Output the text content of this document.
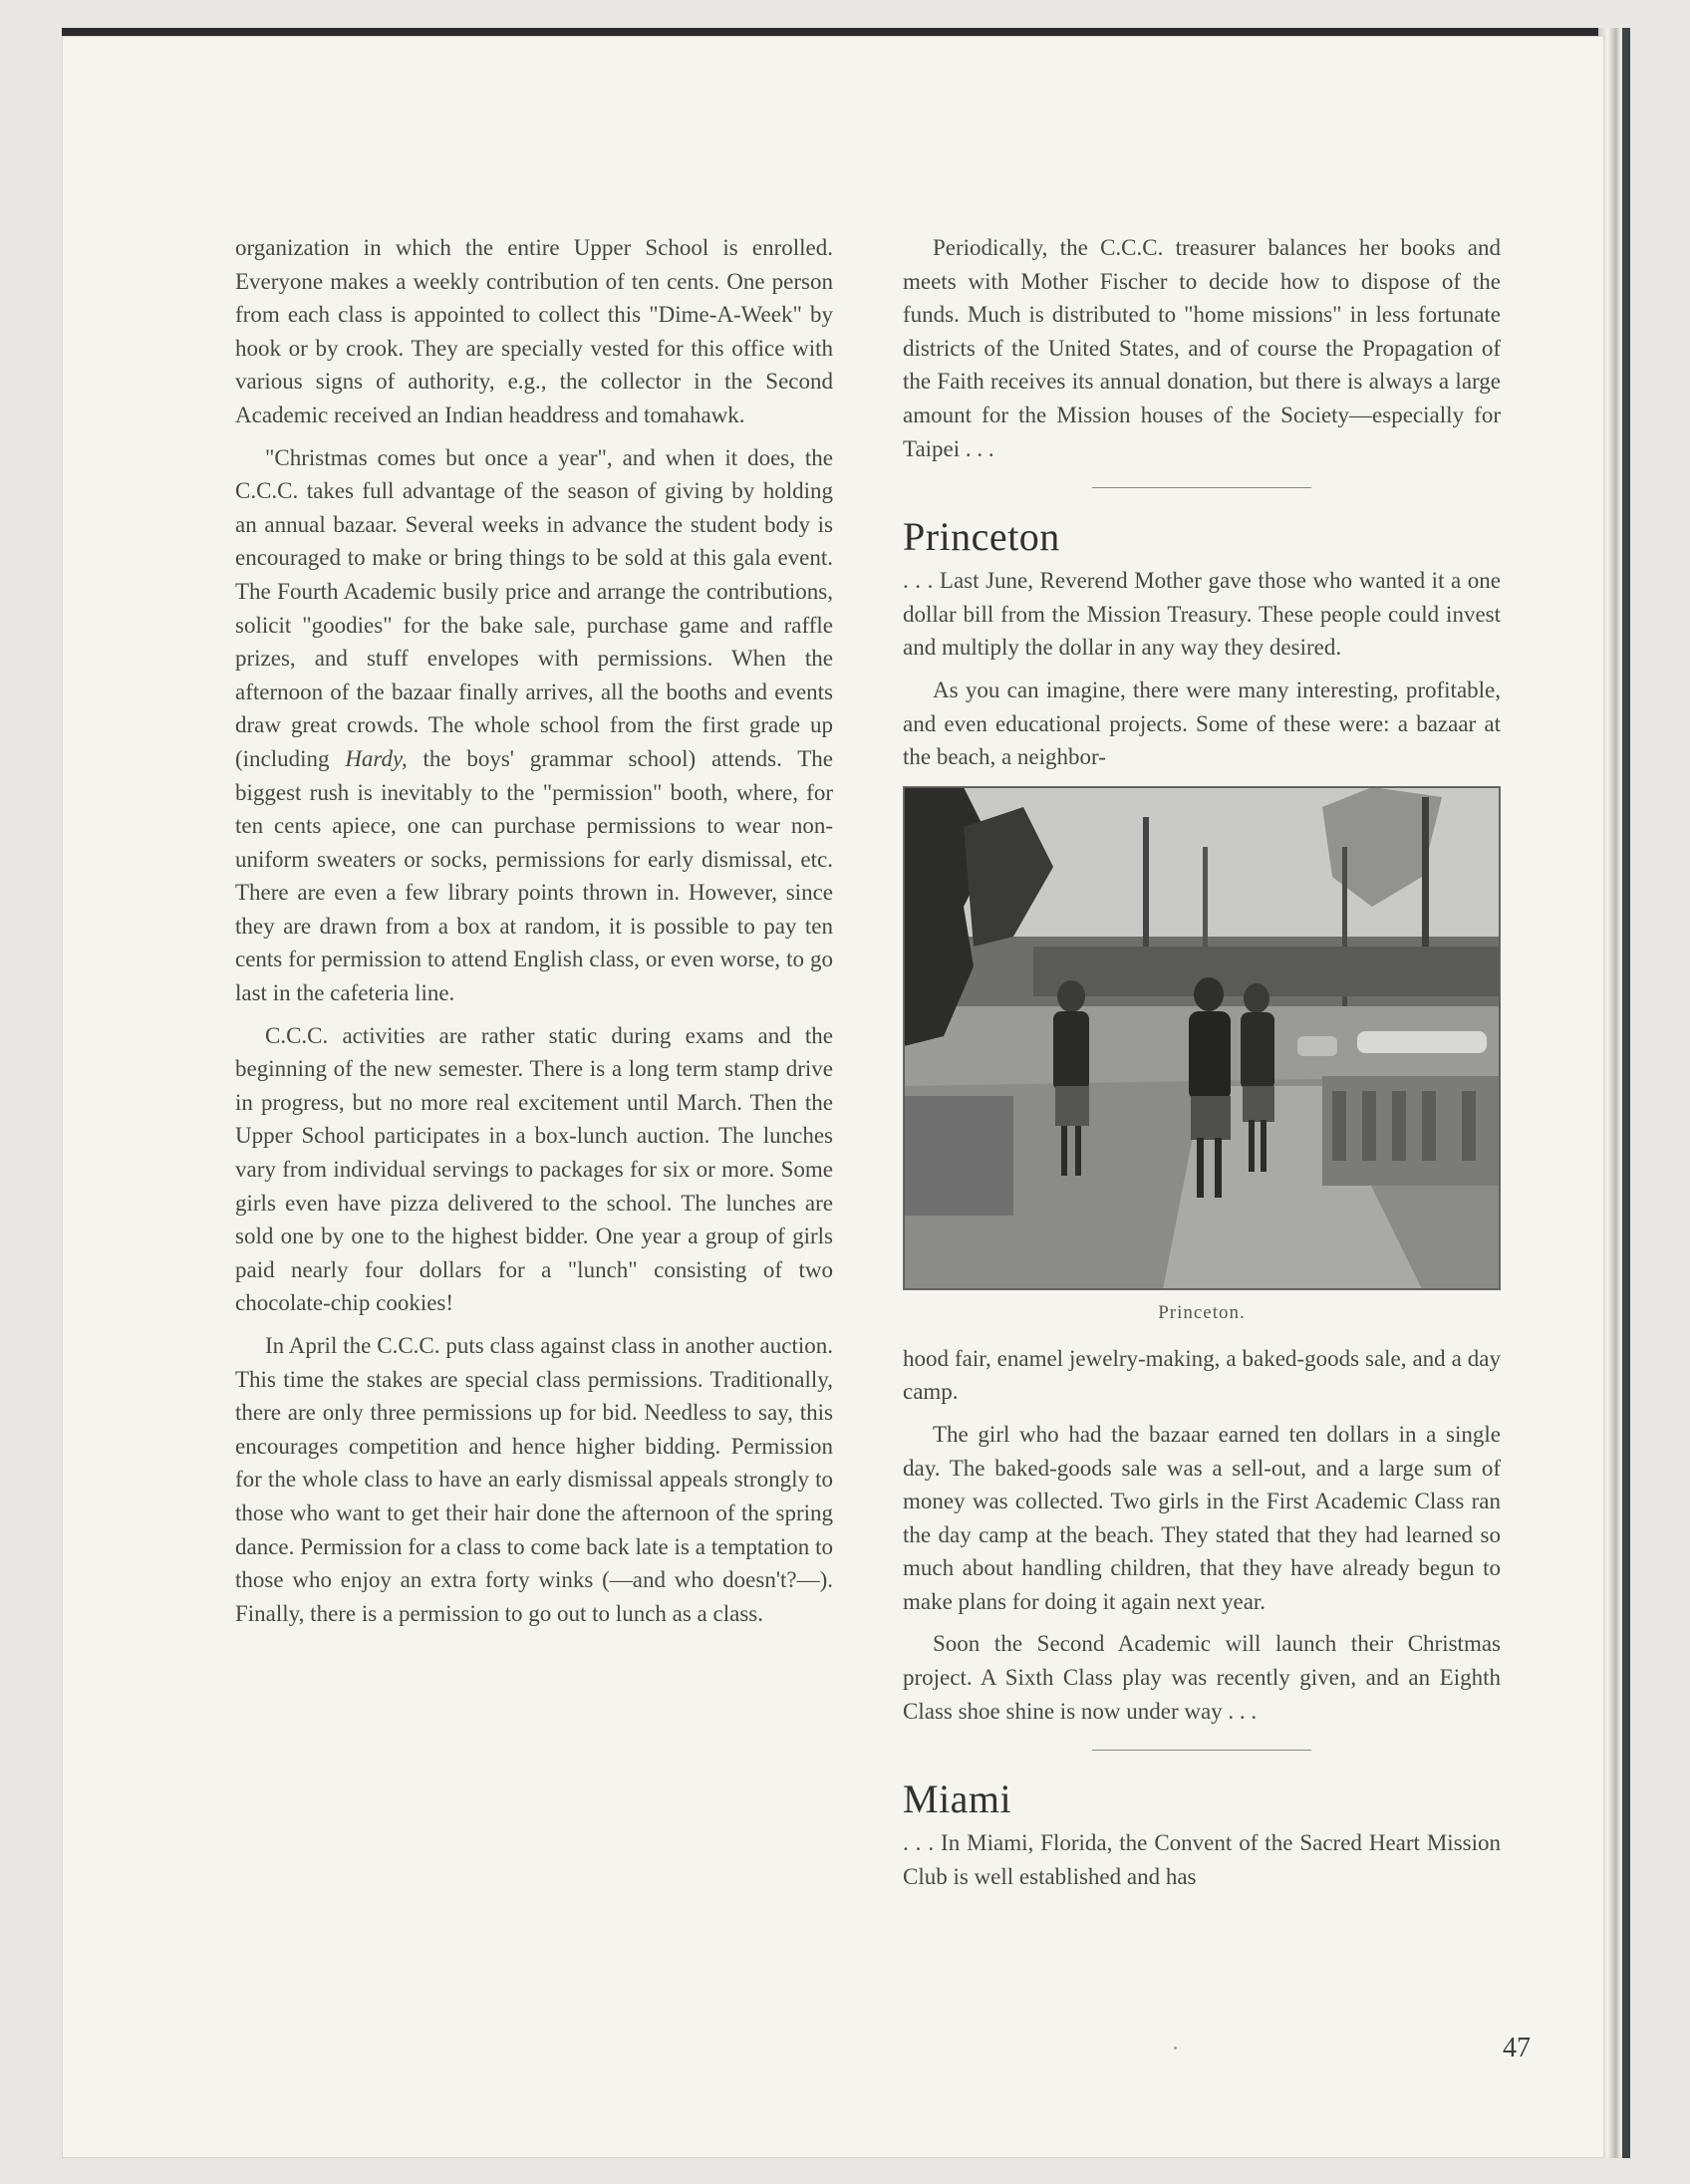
organization in which the entire Upper School is enrolled. Everyone makes a weekly contribution of ten cents. One person from each class is appointed to collect this "Dime-A-Week" by hook or by crook. They are specially vested for this office with various signs of authority, e.g., the collector in the Second Academic received an Indian headdress and tomahawk.

"Christmas comes but once a year", and when it does, the C.C.C. takes full advantage of the season of giving by holding an annual bazaar. Several weeks in advance the student body is encouraged to make or bring things to be sold at this gala event. The Fourth Academic busily price and arrange the contributions, solicit "goodies" for the bake sale, purchase game and raffle prizes, and stuff envelopes with permissions. When the afternoon of the bazaar finally arrives, all the booths and events draw great crowds. The whole school from the first grade up (including Hardy, the boys' grammar school) attends. The biggest rush is inevitably to the "permission" booth, where, for ten cents apiece, one can purchase permissions to wear non-uniform sweaters or socks, permissions for early dismissal, etc. There are even a few library points thrown in. However, since they are drawn from a box at random, it is possible to pay ten cents for permission to attend English class, or even worse, to go last in the cafeteria line.

C.C.C. activities are rather static during exams and the beginning of the new semester. There is a long term stamp drive in progress, but no more real excitement until March. Then the Upper School participates in a box-lunch auction. The lunches vary from individual servings to packages for six or more. Some girls even have pizza delivered to the school. The lunches are sold one by one to the highest bidder. One year a group of girls paid nearly four dollars for a "lunch" consisting of two chocolate-chip cookies!

In April the C.C.C. puts class against class in another auction. This time the stakes are special class permissions. Traditionally, there are only three permissions up for bid. Needless to say, this encourages competition and hence higher bidding. Permission for the whole class to have an early dismissal appeals strongly to those who want to get their hair done the afternoon of the spring dance. Permission for a class to come back late is a temptation to those who enjoy an extra forty winks (—and who doesn't?—). Finally, there is a permission to go out to lunch as a class.

Periodically, the C.C.C. treasurer balances her books and meets with Mother Fischer to decide how to dispose of the funds. Much is distributed to "home missions" in less fortunate districts of the United States, and of course the Propagation of the Faith receives its annual donation, but there is always a large amount for the Mission houses of the Society—especially for Taipei . . .

Princeton

. . . Last June, Reverend Mother gave those who wanted it a one dollar bill from the Mission Treasury. These people could invest and multiply the dollar in any way they desired.

As you can imagine, there were many interesting, profitable, and even educational projects. Some of these were: a bazaar at the beach, a neighbor-

Princeton.

hood fair, enamel jewelry-making, a baked-goods sale, and a day camp.

The girl who had the bazaar earned ten dollars in a single day. The baked-goods sale was a sell-out, and a large sum of money was collected. Two girls in the First Academic Class ran the day camp at the beach. They stated that they had learned so much about handling children, that they have already begun to make plans for doing it again next year.

Soon the Second Academic will launch their Christmas project. A Sixth Class play was recently given, and an Eighth Class shoe shine is now under way . . .

Miami

. . . In Miami, Florida, the Convent of the Sacred Heart Mission Club is well established and has

47
